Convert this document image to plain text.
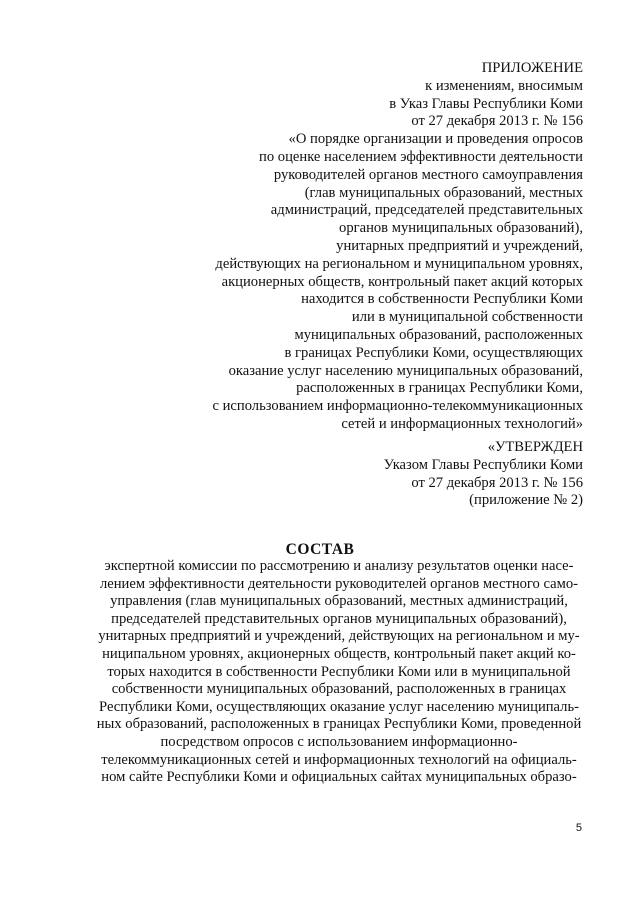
ПРИЛОЖЕНИЕ
к изменениям, вносимым
в Указ Главы Республики Коми
от 27 декабря 2013 г. № 156
«О порядке организации и проведения опросов
по оценке населением эффективности деятельности
руководителей органов местного самоуправления
(глав муниципальных образований, местных
администраций, председателей представительных
органов муниципальных образований),
унитарных предприятий и учреждений,
действующих на региональном и муниципальном уровнях,
акционерных обществ, контрольный пакет акций которых
находится в собственности Республики Коми
или в муниципальной собственности
муниципальных образований, расположенных
в границах Республики Коми, осуществляющих
оказание услуг населению муниципальных образований,
расположенных в границах Республики Коми,
с использованием информационно-телекоммуникационных
сетей и информационных технологий»
«УТВЕРЖДЕН
Указом Главы Республики Коми
от 27 декабря 2013 г. № 156
(приложение № 2)
СОСТАВ
экспертной комиссии по рассмотрению и анализу результатов оценки насе-
лением эффективности деятельности руководителей органов местного само-
управления (глав муниципальных образований, местных администраций,
председателей представительных органов муниципальных образований),
унитарных предприятий и учреждений, действующих на региональном и му-
ниципальном уровнях, акционерных обществ, контрольный пакет акций ко-
торых находится в собственности Республики Коми или в муниципальной
собственности муниципальных образований, расположенных в границах
Республики Коми, осуществляющих оказание услуг населению муниципаль-
ных образований, расположенных в границах Республики Коми, проведенной
посредством опросов с использованием информационно-
телекоммуникационных сетей и информационных технологий на официаль-
ном сайте Республики Коми и официальных сайтах муниципальных образо-
5
